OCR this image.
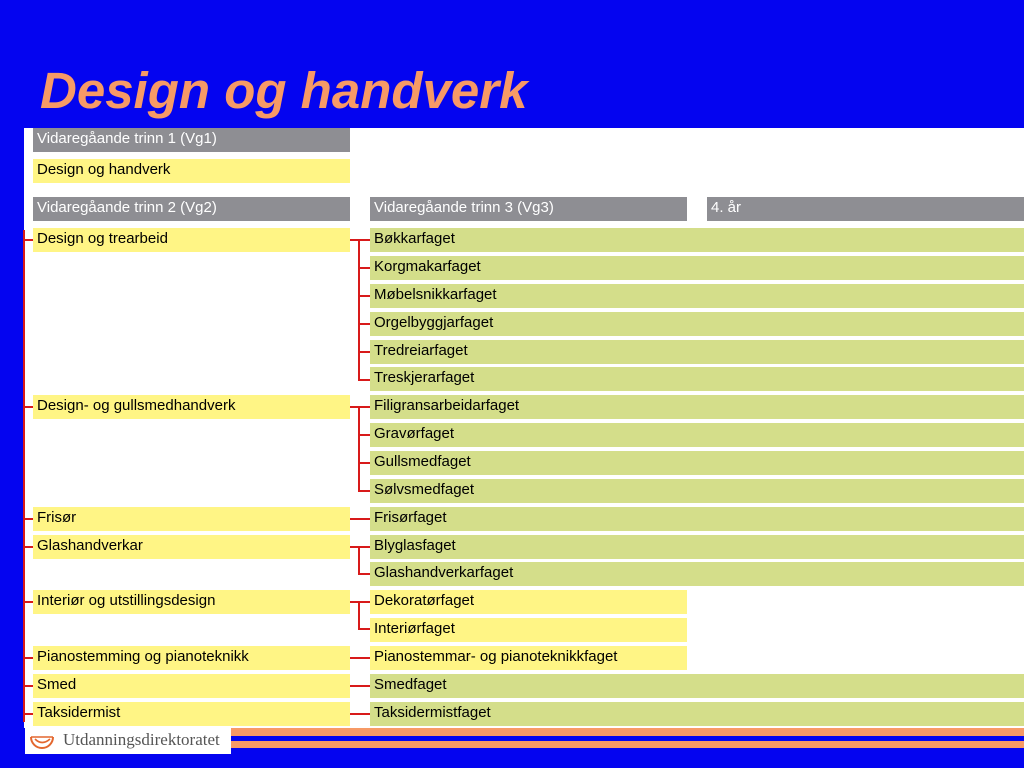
Design og handverk
Vidaregåande trinn 1 (Vg1)
Design og handverk
Vidaregåande trinn 2 (Vg2)	Vidaregåande trinn 3 (Vg3)	4. år
Design og trearbeid
Design- og gullsmedhandverk
Frisør
Glashandverkar
Interiør og utstillingsdesign
Pianostemming og pianoteknikk
Smed
Taksidermist
Bøkkarfaget
Korgmakarfaget
Møbelsnikkarfaget
Orgelbyggjarfaget
Tredreiarfaget
Treskjerarfaget
Filigransarbeidarfaget
Gravørfaget
Gullsmedfaget
Sølvsmedfaget
Frisørfaget
Blyglasfaget
Glashandverkarfaget
Dekoratørfaget
Interiørfaget
Pianostemmar- og pianoteknikkfaget
Smedfaget
Taksidermistfaget
Utdanningsdirektoratet
